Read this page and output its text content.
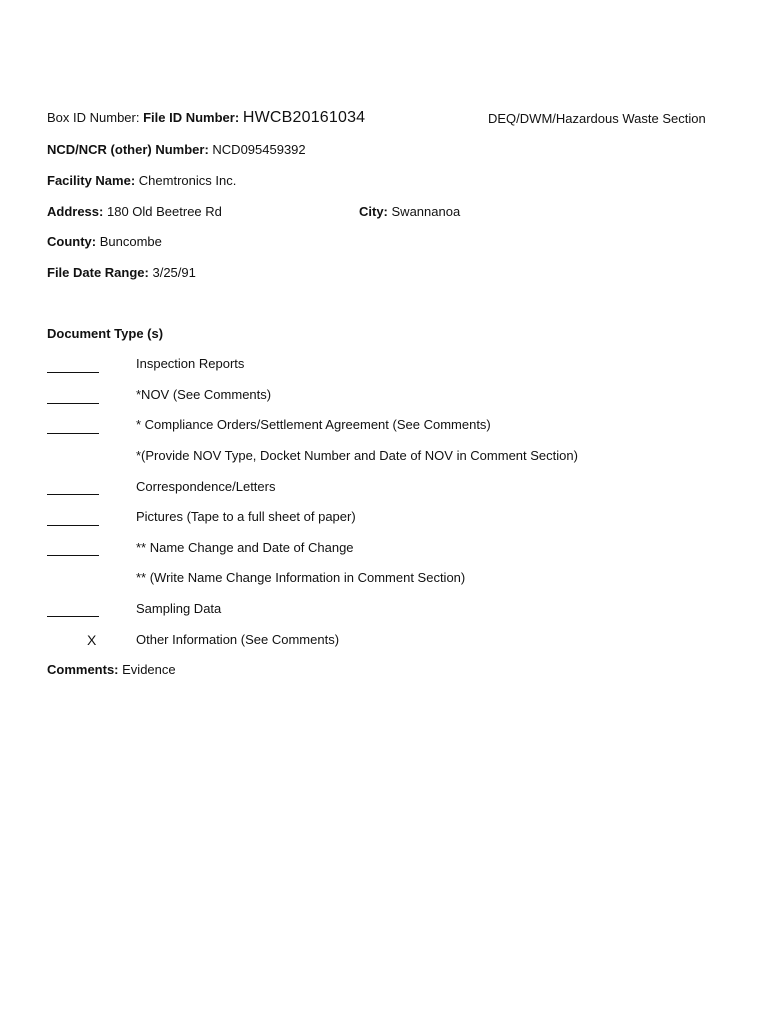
Box ID Number: File ID Number: HWCB20161034	DEQ/DWM/Hazardous Waste Section
NCD/NCR (other) Number: NCD095459392
Facility Name: Chemtronics Inc.
Address: 180 Old Beetree Rd	City: Swannanoa
County: Buncombe
File Date Range: 3/25/91
Document Type (s)
Inspection Reports
*NOV (See Comments)
* Compliance Orders/Settlement Agreement (See Comments)
*(Provide NOV Type, Docket Number and Date of NOV in Comment Section)
Correspondence/Letters
Pictures (Tape to a full sheet of paper)
** Name Change and Date of Change
** (Write Name Change Information in Comment Section)
Sampling Data
X	Other Information (See Comments)
Comments: Evidence
